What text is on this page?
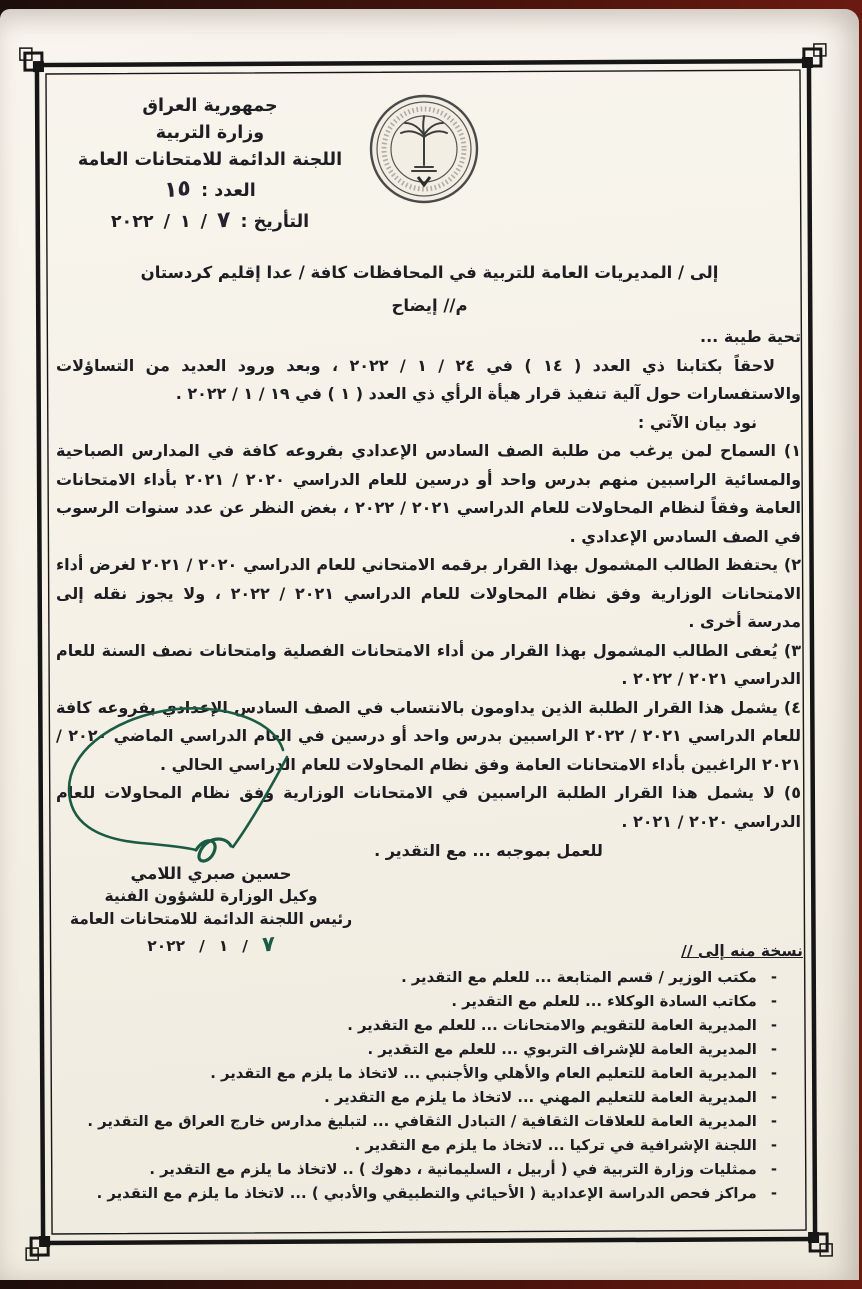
جمهورية العراق
وزارة التربية
اللجنة الدائمة للامتحانات العامة
العدد :
١٥
التأريخ :
٧
/
١
/
٢٠٢٢
إلى / المديريات العامة للتربية في المحافظات كافة / عدا إقليم كردستان
م// إيضاح

تحية طيبة ...

لاحقاً بكتابنا ذي العدد ( ١٤ ) في ٢٤ / ١ / ٢٠٢٢ ، وبعد ورود العديد من التساؤلات والاستفسارات حول آلية تنفيذ قرار هيأة الرأي ذي العدد ( ١ ) في ١٩ / ١ / ٢٠٢٢ .

نود بيان الآتي :

١) السماح لمن يرغب من طلبة الصف السادس الإعدادي بفروعه كافة في المدارس الصباحية والمسائية الراسبين منهم بدرس واحد أو درسين للعام الدراسي ٢٠٢٠ / ٢٠٢١ بأداء الامتحانات العامة وفقاً لنظام المحاولات للعام الدراسي ٢٠٢١ / ٢٠٢٢ ، بغض النظر عن عدد سنوات الرسوب في الصف السادس الإعدادي .

٢) يحتفظ الطالب المشمول بهذا القرار برقمه الامتحاني للعام الدراسي ٢٠٢٠ / ٢٠٢١ لغرض أداء الامتحانات الوزارية وفق نظام المحاولات للعام الدراسي ٢٠٢١ / ٢٠٢٢ ، ولا يجوز نقله إلى مدرسة أخرى .

٣) يُعفى الطالب المشمول بهذا القرار من أداء الامتحانات الفصلية وامتحانات نصف السنة للعام الدراسي ٢٠٢١ / ٢٠٢٢ .

٤) يشمل هذا القرار الطلبة الذين يداومون بالانتساب في الصف السادس الإعدادي بفروعه كافة للعام الدراسي ٢٠٢١ / ٢٠٢٢ الراسبين بدرس واحد أو درسين في العام الدراسي الماضي ٢٠٢٠ / ٢٠٢١ الراغبين بأداء الامتحانات العامة وفق نظام المحاولات للعام الدراسي الحالي .

٥) لا يشمل هذا القرار الطلبة الراسبين في الامتحانات الوزارية وفق نظام المحاولات للعام الدراسي ٢٠٢٠ / ٢٠٢١ .

للعمل بموجبه ... مع التقدير .

حسين صبري اللامي
وكيل الوزارة للشؤون الفنية
رئيس اللجنة الدائمة للامتحانات العامة
٧
/
١
/
٢٠٢٢	نسخة منه إلى //
-
مكتب الوزير / قسم المتابعة ... للعلم مع التقدير .
-
مكاتب السادة الوكلاء ... للعلم مع التقدير .
-
المديرية العامة للتقويم والامتحانات ... للعلم مع التقدير .
-
المديرية العامة للإشراف التربوي ... للعلم مع التقدير .
-
المديرية العامة للتعليم العام والأهلي والأجنبي ... لاتخاذ ما يلزم مع التقدير .
-
المديرية العامة للتعليم المهني ... لاتخاذ ما يلزم مع التقدير .
-
المديرية العامة للعلاقات الثقافية / التبادل الثقافي ... لتبليغ مدارس خارج العراق مع التقدير .
-
اللجنة الإشرافية في تركيا ... لاتخاذ ما يلزم مع التقدير .
-
ممثليات وزارة التربية في ( أربيل ، السليمانية ، دهوك ) .. لاتخاذ ما يلزم مع التقدير .
-
مراكز فحص الدراسة الإعدادية ( الأحيائي والتطبيقي والأدبي ) ... لاتخاذ ما يلزم مع التقدير .
